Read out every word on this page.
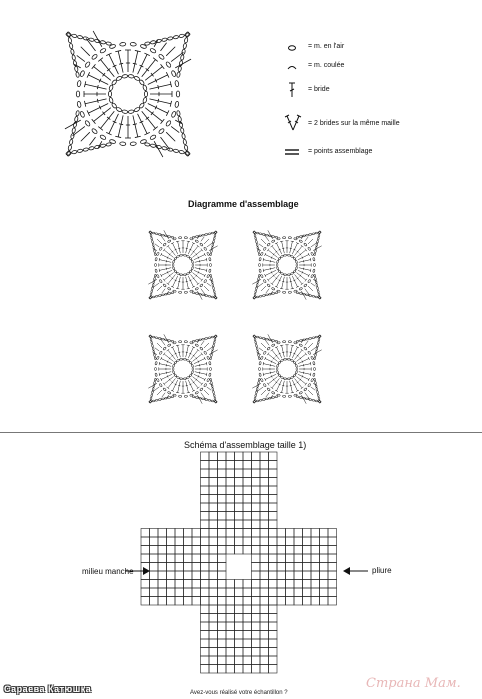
= m. en l'air
= m. coulée
= bride
= 2 brides sur la même maille
= points assemblage
Diagramme d'assemblage
Schéma d'assemblage taille 1)
milieu manche	pliure
Avez-vous réalisé votre échantillon ?
Сараева Катюшка	Страна Мам.
